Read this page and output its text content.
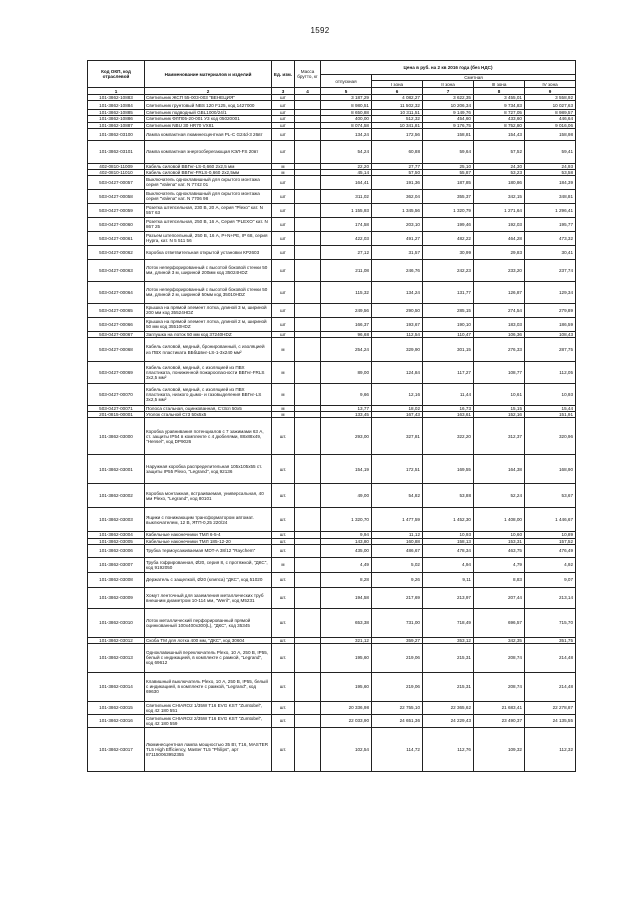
1592
Код ОКП, код отраслевой	Наименование материалов и изделий	Ед. изм.	Масса брутто, кг	Цена в руб. на 2 кв 2016 года (без НДС)				
				отпускная	Сметная			
					I зона	II зона	III зона	IV зона
1	2	3	4	5	6	7	8	9
101-3862-10883	Светильник ЖСП 55-003-003 "ВЕНЕЦИЯ"	шт		3 187,29	4 082,27	3 622,35	3 455,01	3 558,92
101-3862-10884	Светильник грунтовый NBS 120 F125, код 1427000	шт		8 980,51	11 502,32	10 206,34	9 734,83	10 027,63
101-3862-10885	Светильник подводный GBL1000/24/1	шт		8 650,88	10 311,51	9 149,76	8 727,05	8 989,57
101-3862-10886	Светильник ФЛП05-20-001 У3 код 05020001	шт		400,00	512,32	454,60	433,60	446,64
101-3862-10887	Светильник NBU 30 HR70 VX81	шт		8 074,58	10 341,81	9 176,75	8 752,80	9 016,06
101-3862-03100	Лампа компактная люминесцентная PL-C G24d-3 26вт	шт		134,24	172,56	158,81	154,43	158,98
101-3862-03101	Лампа компактная энергосберегающая КЭЛ-FS 20вт	шт		54,24	60,88	59,64	57,52	59,41
402-0810-11009	Кабель силовой ВВГнг-LS-0,660 2х2,5 мм	м		22,20	27,77	25,10	24,30	24,93
402-0810-11010	Кабель силовой ВВГнг-FRLS-0,660 2х2,5мм	м		45,14	57,50	55,87	53,23	53,58
503-0427-00057	Выключатель одноклавишный для скрытого монтажа серия "Valena" кат. N 7742 01	шт		164,41	191,36	187,85	180,86	184,39
503-0427-00058	Выключатель одноклавишный для скрытого монтажа серия "Valena" кат. N 7706 98	шт		311,02	362,04	355,37	342,15	348,81
503-0427-00059	Розетка штепсельная, 230 В, 20 А, серия "Plexo" кат. N 557 63	шт		1 155,93	1 345,56	1 320,79	1 271,64	1 296,41
503-0427-00060	Розетка штепсельная, 250 В, 16 А, Серия "PLEXO" кат. N 867 25	шт		174,58	203,10	199,46	192,03	195,77
503-0427-00061	Разъем штепсельный, 250 В, 16 А, P+N+PE, IP 68, серия Hypra, кат. N 5 511 56	шт		422,03	491,27	482,22	464,28	473,32
503-0427-00062	Коробка ответвительная открытой установки КР2603	шт		27,12	31,57	30,99	29,83	30,41
503-0427-00063	Лоток неперфорированный с высотой боковой стенки 50 мм, длиной 3 м, шириной 200мм код 35024HDZ	шт		211,08	246,76	242,23	233,20	237,74
503-0427-00064	Лоток неперфорированный с высотой боковой стенки 50 мм, длиной 2 м, шириной 50мм код 35010HDZ	шт		115,32	134,24	131,77	126,87	129,34
503-0427-00065	Крышка на прямой элемент лотка, длиной 3 м, шириной 200 мм код 35524HDZ	шт		249,56	290,50	285,15	274,54	279,89
503-0427-00066	Крышка на прямой элемент лотка, длиной 2 м, шириной 50 мм код 35510HDZ	шт		166,37	193,67	190,10	183,03	186,59
503-0427-00067	Заглушка на лоток 50 мм код 37240HDZ	шт		96,68	112,54	110,47	106,36	108,43
503-0427-00068	Кабель силовой, медный, бронированный, с изоляцией из ПВХ пластиката ВБбШвнг-LS-1-3х240 мм²	м		254,24	329,90	301,15	276,33	287,75
503-0427-00069	Кабель силовой, медный, с изоляцией из ПВХ пластиката, пониженной пожароопасности ВВГнг-FRLS 3х2,5 мм²	м		89,00	124,84	117,27	108,77	112,05
503-0427-00070	Кабель силовой, медный, с изоляцией из ПВХ пластиката, низкого дымо- и газовыделения ВВГнг-LS 3х2,5 мм²	м		9,66	12,16	11,44	10,61	10,93
503-0427-00071	Полоса стальная, оцинкованная, Ст3сп 50х5	м		13,77	18,02	16,73	15,15	15,44
201-0815-00001	Уголок стальной Ст3 50х5х5	м		133,45	167,43	163,61	152,16	151,91
101-3862-03000	Коробка уравнивания потенциалов с 7 зажимами 63 А, ст. защиты IP54 в комплекте с 4 дюбелями, 88х88х49, "Hensel", код DP9026	шт.		293,00	327,81	322,20	312,37	320,96
101-3862-03001	Наружная коробка распределительная 105х105х55 ст. защиты IP55 Plexo, "Legrand", код 92136	шт.		154,19	172,51	169,55	164,38	168,90
101-3862-03002	Коробка монтажная, встраиваемая, универсальная, 40 мм Plexo, "Legrand", код 80101	шт.		49,00	54,82	53,88	52,24	53,67
101-3862-03003	Ящики с понижающим трансформатором автомат. выключателем, 12 В, ЯТП-0,25 220/24	шт.		1 320,70	1 477,59	1 452,30	1 408,00	1 446,67
101-3862-03004	Кабельные наконечники ТМЛ 6-5-4	шт.		9,94	11,12	10,93	10,60	10,89
101-3862-03005	Кабельные наконечники ТМЛ 185-12-20	шт.		143,80	160,88	158,13	153,31	157,52
101-3862-03006	Трубка термоусаживаемая MDT-A 38/12 "Raychem"	шт.		435,00	486,67	478,34	463,75	476,49
101-3862-03007	Труба гофрированная, Ø20, серия 8, с протяжкой, "ДКС", код 9192050	м		4,49	5,02	4,94	4,79	4,92
101-3862-03008	Держатель с защелкой, Ø20 (клипса) "ДКС", код 51020	шт.		8,28	9,26	9,11	8,83	9,07
101-3862-03009	Хомут ленточный для заземления металлических труб внешним диаметром 10-114 мм, "Weril", код M5231	шт.		194,58	217,69	213,97	207,44	213,14
101-3862-03010	Лоток металлический перфорированный прямой оцинкованный 100х400х300(L), "ДКС", код 35345	шт.		653,38	731,00	718,49	696,57	715,70
101-3862-03012	Скоба ТМ для лотка 400 мм, "ДКС", код 30604	шт.		321,12	359,27	353,12	342,35	351,75
101-3862-03013	Одноклавишный переключатель Plexo, 10 А, 250 В, IP55, белый с индикацией, в комплекте с рамкой, "Legrand", код 69612	шт.		195,60	219,06	215,31	208,74	214,48
101-3862-03014	Клавишный выключатель Plexo, 10 А, 250 В, IP55, белый с индикацией, в комплекте с рамкой, "Legrand", код 69630	шт.		195,60	219,06	215,31	208,74	214,48
101-3862-03015	Светильник CHIARO2 1/35W T16 EVG KST "Zumtobel", код 42 180 551	шт.		20 336,98	22 755,10	22 365,62	21 683,41	22 278,87
101-3862-03016	Светильник CHIARO2 2/35W T16 EVG KST "Zumtobel", код 42 180 559	шт.		22 033,90	24 651,36	24 229,43	23 490,37	24 135,55
101-3862-03017	Люминесцентная лампа мощностью 35 Вт, T16, MASTER TL5 High Efficiency, Master TL5 "Philips", арт 871150063952355	шт.		102,54	114,72	112,76	109,32	112,32
